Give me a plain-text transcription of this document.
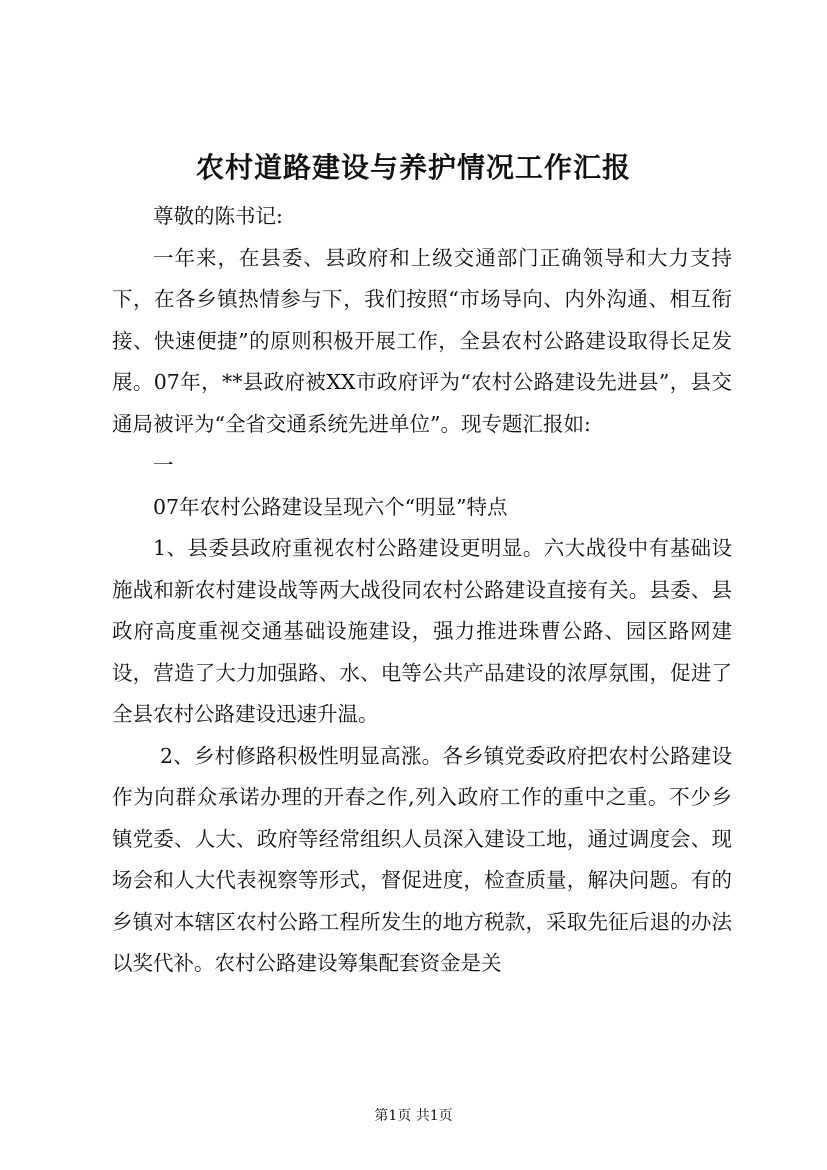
农村道路建设与养护情况工作汇报

尊敬的陈书记:

一年来，在县委、县政府和上级交通部门正确领导和大力支持下，在各乡镇热情参与下，我们按照“市场导向、内外沟通、相互衔接、快速便捷”的原则积极开展工作，全县农村公路建设取得长足发展。07年，**县政府被XX市政府评为“农村公路建设先进县”，县交通局被评为“全省交通系统先进单位”。现专题汇报如:

一

07年农村公路建设呈现六个“明显”特点

1、县委县政府重视农村公路建设更明显。六大战役中有基础设施战和新农村建设战等两大战役同农村公路建设直接有关。县委、县政府高度重视交通基础设施建设，强力推进珠曹公路、园区路网建设，营造了大力加强路、水、电等公共产品建设的浓厚氛围，促进了全县农村公路建设迅速升温。

2、乡村修路积极性明显高涨。各乡镇党委政府把农村公路建设作为向群众承诺办理的开春之作,列入政府工作的重中之重。不少乡镇党委、人大、政府等经常组织人员深入建设工地，通过调度会、现场会和人大代表视察等形式，督促进度，检查质量，解决问题。有的乡镇对本辖区农村公路工程所发生的地方税款，采取先征后退的办法以奖代补。农村公路建设筹集配套资金是关

第1页 共1页
